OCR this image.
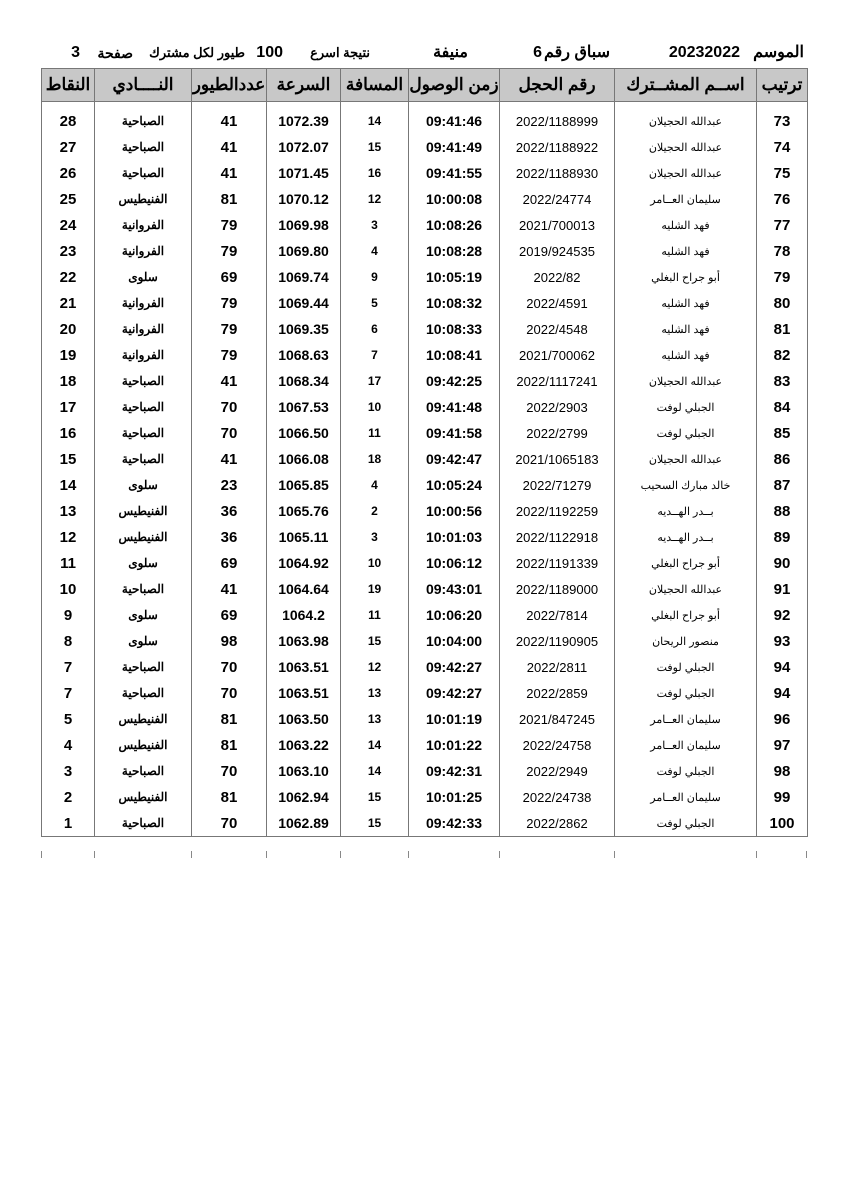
الموسم
20232022
سباق رقم
6
منيفة
نتيجة اسرع
100
طيور لكل مشترك
صفحة
3
ترتيب	اســم المشــترك	رقم الحجل	زمن الوصول	المسافة	السرعة	عددالطيور	النــــادي	النقاط

73	عبدالله الحجيلان	2022/1188999	09:41:46	14	1072.39	41	الصباحية	28
74	عبدالله الحجيلان	2022/1188922	09:41:49	15	1072.07	41	الصباحية	27
75	عبدالله الحجيلان	2022/1188930	09:41:55	16	1071.45	41	الصباحية	26
76	سليمان العــامر	2022/24774	10:00:08	12	1070.12	81	الفنيطيس	25
77	فهد الشليه	2021/700013	10:08:26	3	1069.98	79	الفروانية	24
78	فهد الشليه	2019/924535	10:08:28	4	1069.80	79	الفروانية	23
79	أبو جراح البغلي	2022/82	10:05:19	9	1069.74	69	سلوى	22
80	فهد الشليه	2022/4591	10:08:32	5	1069.44	79	الفروانية	21
81	فهد الشليه	2022/4548	10:08:33	6	1069.35	79	الفروانية	20
82	فهد الشليه	2021/700062	10:08:41	7	1068.63	79	الفروانية	19
83	عبدالله الحجيلان	2022/1117241	09:42:25	17	1068.34	41	الصباحية	18
84	الجبلي لوفت	2022/2903	09:41:48	10	1067.53	70	الصباحية	17
85	الجبلي لوفت	2022/2799	09:41:58	11	1066.50	70	الصباحية	16
86	عبدالله الحجيلان	2021/1065183	09:42:47	18	1066.08	41	الصباحية	15
87	خالد مبارك السحيب	2022/71279	10:05:24	4	1065.85	23	سلوى	14
88	بــدر الهــديه	2022/1192259	10:00:56	2	1065.76	36	الفنيطيس	13
89	بــدر الهــديه	2022/1122918	10:01:03	3	1065.11	36	الفنيطيس	12
90	أبو جراح البغلي	2022/1191339	10:06:12	10	1064.92	69	سلوى	11
91	عبدالله الحجيلان	2022/1189000	09:43:01	19	1064.64	41	الصباحية	10
92	أبو جراح البغلي	2022/7814	10:06:20	11	1064.2	69	سلوى	9
93	منصور الريحان	2022/1190905	10:04:00	15	1063.98	98	سلوى	8
94	الجبلي لوفت	2022/2811	09:42:27	12	1063.51	70	الصباحية	7
94	الجبلي لوفت	2022/2859	09:42:27	13	1063.51	70	الصباحية	7
96	سليمان العــامر	2021/847245	10:01:19	13	1063.50	81	الفنيطيس	5
97	سليمان العــامر	2022/24758	10:01:22	14	1063.22	81	الفنيطيس	4
98	الجبلي لوفت	2022/2949	09:42:31	14	1063.10	70	الصباحية	3
99	سليمان العــامر	2022/24738	10:01:25	15	1062.94	81	الفنيطيس	2
100	الجبلي لوفت	2022/2862	09:42:33	15	1062.89	70	الصباحية	1
